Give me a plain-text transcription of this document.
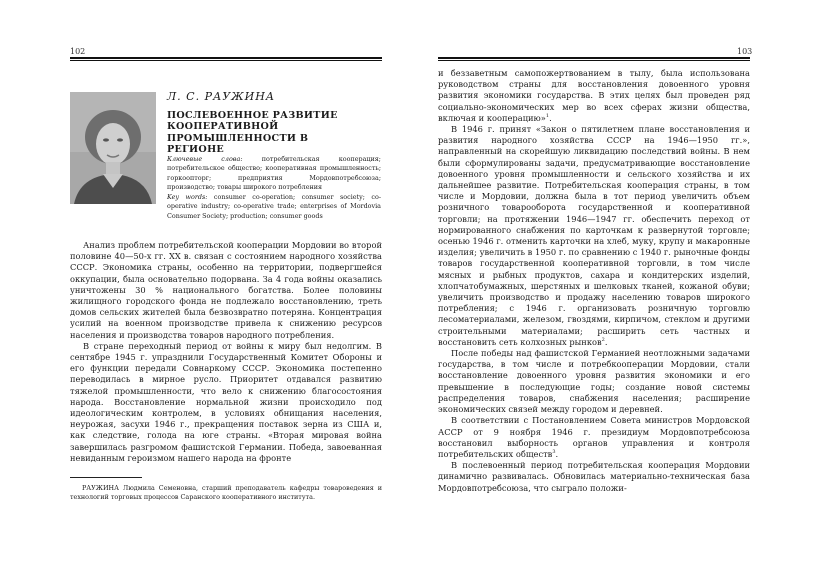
102
Л. С. РАУЖИНА
ПОСЛЕВОЕННОЕ РАЗВИТИЕ КООПЕРАТИВНОЙ ПРОМЫШЛЕННОСТИ В РЕГИОНЕ
Ключевые слова:	потребительская кооперация; потребительское общество; кооперативная промышленность; горкоопторг; предприятия Мордовпотребсоюза; производство; товары широкого потребления
Key words: consumer co-operation; consumer society; co-operative industry; co-operative trade; enterprises of Mordovia Consumer Society; production; consumer goods

Анализ проблем потребительской кооперации Мордовии во второй половине 40—50-х гг. XX в. связан с состоянием народного хозяйства СССР. Экономика страны, особенно на территории, подвергшейся оккупации, была основательно подорвана. За 4 года войны оказались уничтожены 30 % национального богатства. Более половины жилищного городского фонда не подлежало восстановлению, треть домов сельских жителей была безвозвратно потеряна. Концентрация усилий на военном производстве привела к снижению ресурсов населения и производства товаров народного потребления.

В стране переходный период от войны к миру был недолгим. В сентябре 1945 г. упразднили Государственный Комитет Обороны и его функции передали Совнаркому СССР. Экономика постепенно переводилась в мирное русло. Приоритет отдавался развитию тяжелой промышленности, что вело к снижению благосостояния народа. Восстановление нормальной жизни происходило под идеологическим контролем, в условиях обнищания населения, неурожая, засухи 1946 г., прекращения поставок зерна из США и, как следствие, голода на юге страны. «Вторая мировая война завершилась разгромом фашистской Германии. Победа, завоеванная невиданным героизмом нашего народа на фронте

РАУЖИНА Людмила Семеновна, старший преподаватель кафедры товароведения и технологий торговых процессов Саранского кооперативного института.
103

и беззаветным самопожертвованием в тылу, была использована руководством страны для восстановления довоенного уровня развития экономики государства. В этих целях был проведен ряд социально-экономических мер во всех сферах жизни общества, включая и кооперацию»$^1$.

В 1946 г. принят «Закон о пятилетнем плане восстановления и развития народного хозяйства СССР на 1946—1950 гг.», направленный на скорейшую ликвидацию последствий войны. В нем были сформулированы задачи, предусматривающие восстановление довоенного уровня промышленности и сельского хозяйства и их дальнейшее развитие. Потребительская кооперация страны, в том числе и Мордовии, должна была в тот период увеличить объем розничного товарооборота государственной и кооперативной торговли; на протяжении 1946—1947 гг. обеспечить переход от нормированного снабжения по карточкам к развернутой торговле; осенью 1946 г. отменить карточки на хлеб, муку, крупу и макаронные изделия; увеличить в 1950 г. по сравнению с 1940 г. рыночные фонды товаров государственной кооперативной торговли, в том числе мясных и рыбных продуктов, сахара и кондитерских изделий, хлопчатобумажных, шерстяных и шелковых тканей, кожаной обуви; увеличить производство и продажу населению товаров широкого потребления; с 1946 г. организовать розничную торговлю лесоматериалами, железом, гвоздями, кирпичом, стеклом и другими строительными материалами; расширить сеть частных и восстановить сеть колхозных рынков$^2$.

После победы над фашистской Германией неотложными задачами государства, в том числе и потребкооперации Мордовии, стали восстановление довоенного уровня развития экономики и его превышение в последующие годы; создание новой системы распределения товаров, снабжения населения; расширение экономических связей между городом и деревней.

В соответствии с Постановлением Совета министров Мордовской АССР от 9 ноября 1946 г. президиум Мордовпотребсоюза восстановил выборность органов управления и контроля потребительских обществ$^3$.

В послевоенный период потребительская кооперация Мордовии динамично развивалась. Обновилась материально-техническая база Мордовпотребсоюза, что сыграло положи-
